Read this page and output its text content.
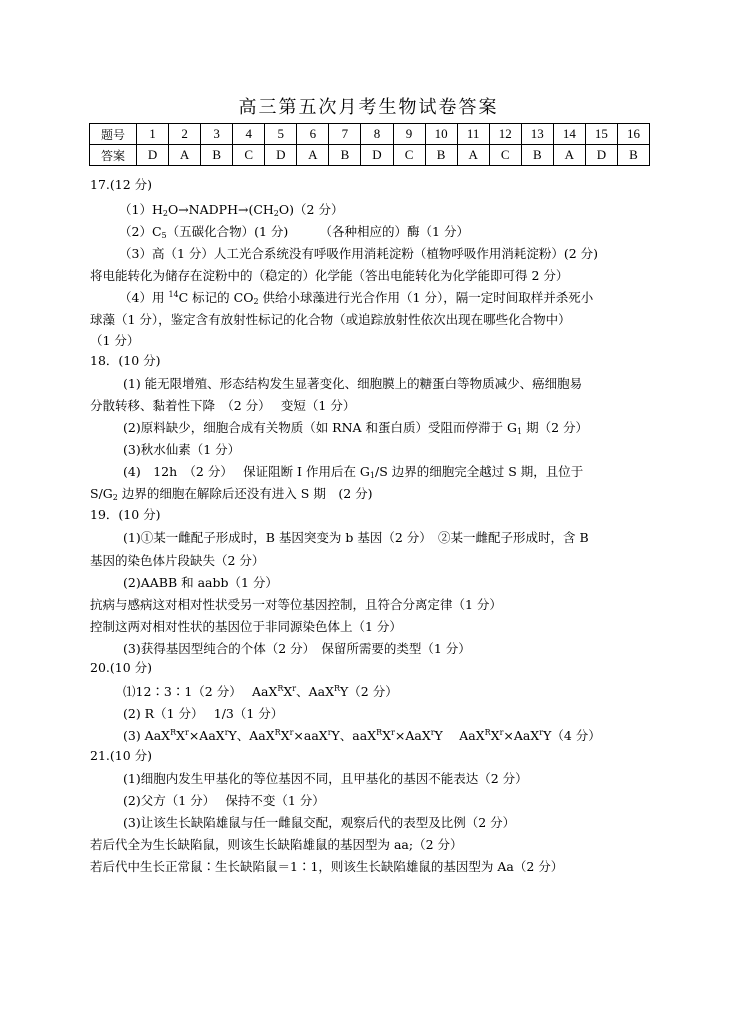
高三第五次月考生物试卷答案
题号	1	2	3	4	5	6	7	8	9	10	11	12	13	14	15	16
答案	D	A	B	C	D	A	B	D	C	B	A	C	B	A	D	B
17.(12 分)
$(1)H_2O\to NADPH\to(CH_2O)(2$ 分）
$(2)C_5$（五碳化合物）(1 分)　　　（各种相应的）酶（1 分）
（3）高（1 分）人工光合系统没有呼吸作用消耗淀粉（植物呼吸作用消耗淀粉）(2 分)
将电能转化为储存在淀粉中的（稳定的）化学能（答出电能转化为化学能即可得 2 分）
（4）用 $^{14}$C 标记的 $CO_2$ 供给小球藻进行光合作用（1 分），隔一定时间取样并杀死小
球藻（1 分），鉴定含有放射性标记的化合物（或追踪放射性依次出现在哪些化合物中）
（1 分）
18．(10 分)
(1) 能无限增殖、形态结构发生显著变化、细胞膜上的糖蛋白等物质减少、癌细胞易
分散转移、黏着性下降　（2 分）　 变短（1 分）
(2)原料缺少，细胞合成有关物质（如 RNA 和蛋白质）受阻而停滞于 $G_1$ 期（2 分）
(3)秋水仙素（1 分）
(4)　12h　（2 分）　 保证阻断 I 作用后在 $G_1/S$ 边界的细胞完全越过 S 期，且位于
$S/G_2$ 边界的细胞在解除后还没有进入 S 期　(2 分)
19．(10 分)
(1)①某一雌配子形成时，B 基因突变为 b 基因（2 分）　②某一雌配子形成时，含 B
基因的染色体片段缺失（2 分）
(2)AABB 和 aabb（1 分）
抗病与感病这对相对性状受另一对等位基因控制，且符合分离定律（1 分）
控制这两对相对性状的基因位于非同源染色体上（1 分）
(3)获得基因型纯合的个体（2 分）　保留所需要的类型（1 分）
20.(10 分)
⑴12∶3∶1（2 分）　 $AaX^RX^r$、AaX$^R$Y（2 分）
(2) R（1 分）　 1/3（1 分）
(3) $AaX^RX^r\times AaX^rY$、$AaX^RX^r\times aaX^rY$、$aaX^RX^r\times AaX^rY$　 $AaX^RX^r\times AaX^rY(4$ 分）
21.(10 分)
(1)细胞内发生甲基化的等位基因不同，且甲基化的基因不能表达（2 分）
(2)父方（1 分）　 保持不变（1 分）
(3)让该生长缺陷雄鼠与任一雌鼠交配，观察后代的表型及比例（2 分）
若后代全为生长缺陷鼠，则该生长缺陷雄鼠的基因型为 aa;（2 分）
若后代中生长正常鼠∶生长缺陷鼠＝1∶1，则该生长缺陷雄鼠的基因型为 Aa（2 分）
